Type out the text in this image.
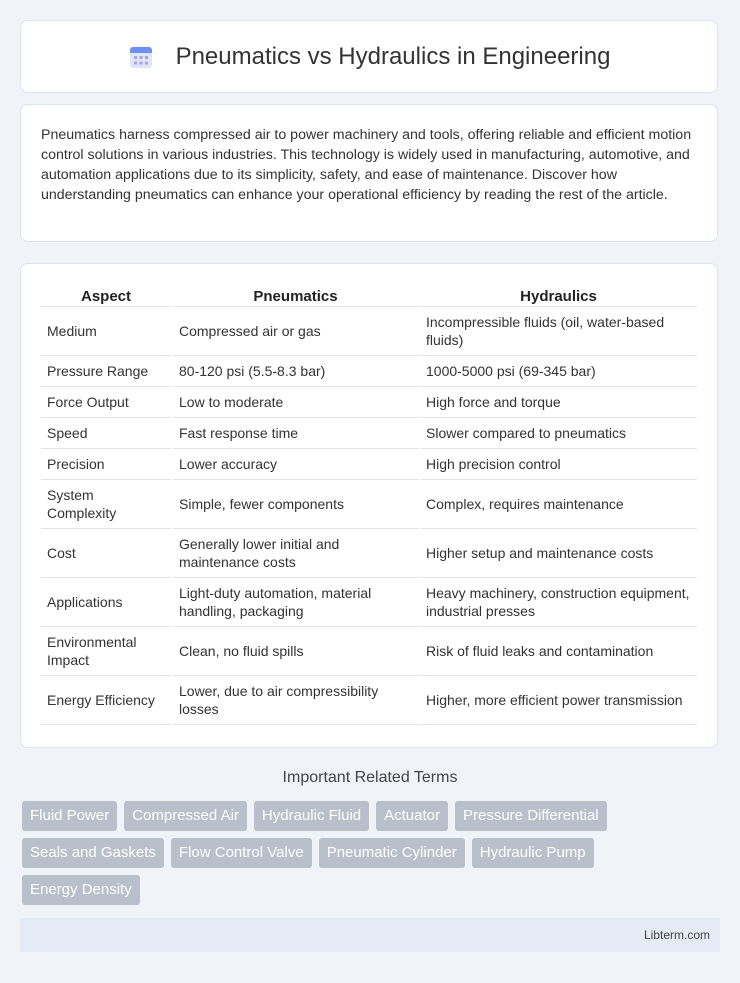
Pneumatics vs Hydraulics in Engineering

Pneumatics harness compressed air to power machinery and tools, offering reliable and efficient motion control solutions in various industries. This technology is widely used in manufacturing, automotive, and automation applications due to its simplicity, safety, and ease of maintenance. Discover how understanding pneumatics can enhance your operational efficiency by reading the rest of the article.

Aspect	Pneumatics	Hydraulics
Medium	Compressed air or gas	Incompressible fluids (oil, water-based fluids)
Pressure Range	80-120 psi (5.5-8.3 bar)	1000-5000 psi (69-345 bar)
Force Output	Low to moderate	High force and torque
Speed	Fast response time	Slower compared to pneumatics
Precision	Lower accuracy	High precision control
System Complexity	Simple, fewer components	Complex, requires maintenance
Cost	Generally lower initial and maintenance costs	Higher setup and maintenance costs
Applications	Light-duty automation, material handling, packaging	Heavy machinery, construction equipment, industrial presses
Environmental Impact	Clean, no fluid spills	Risk of fluid leaks and contamination
Energy Efficiency	Lower, due to air compressibility losses	Higher, more efficient power transmission
Important Related Terms
Fluid Power	Compressed Air	Hydraulic Fluid	Actuator	Pressure Differential
Seals and Gaskets	Flow Control Valve	Pneumatic Cylinder	Hydraulic Pump
Energy Density
Libterm.com
